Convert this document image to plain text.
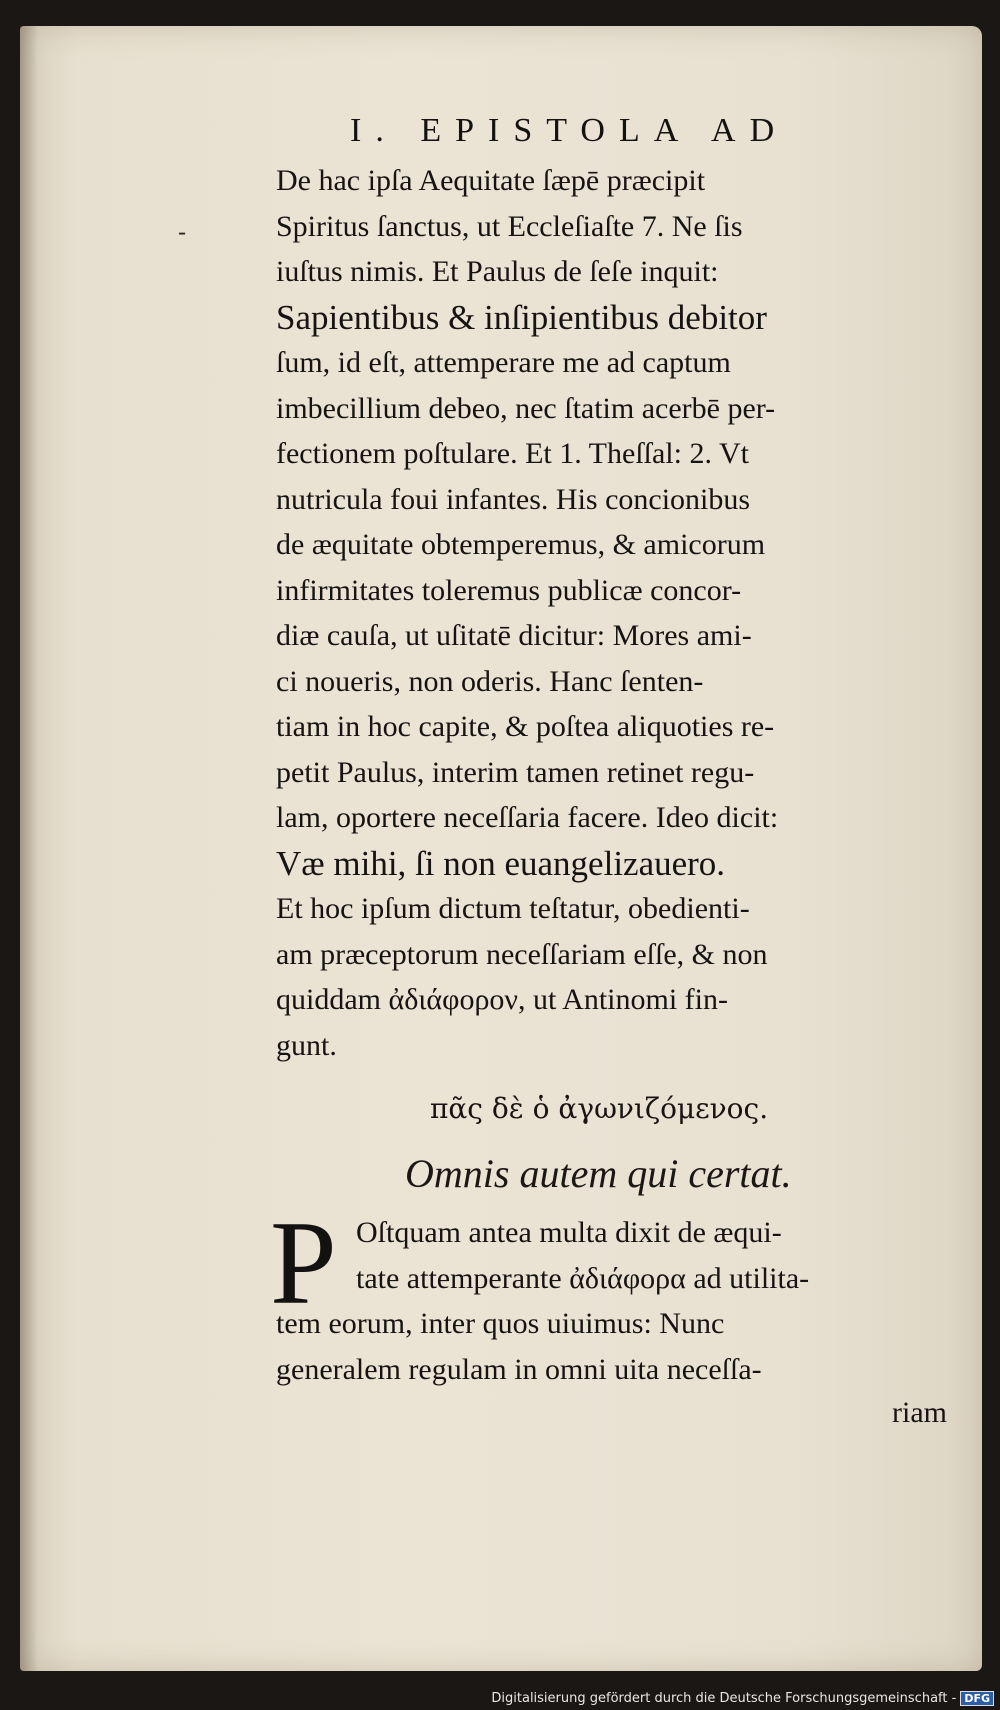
I. EPISTOLA AD
-
De hac ipſa Aequitate ſæpē præcipit
Spiritus ſanctus, ut Eccleſiaſte 7. Ne ſis
iuſtus nimis. Et Paulus de ſeſe inquit:
Sapientibus & inſipientibus debitor
ſum, id eſt, attemperare me ad captum
imbecillium debeo, nec ſtatim acerbē per-
fectionem poſtulare. Et 1. Theſſal: 2. Vt
nutricula foui infantes. His concionibus
de æquitate obtemperemus, & amicorum
infirmitates toleremus publicæ concor-
diæ cauſa, ut uſitatē dicitur: Mores ami-
ci noueris, non oderis. Hanc ſenten-
tiam in hoc capite, & poſtea aliquoties re-
petit Paulus, interim tamen retinet regu-
lam, oportere neceſſaria facere. Ideo dicit:
Væ mihi, ſi non euangelizauero.
Et hoc ipſum dictum teſtatur, obedienti-
am præceptorum neceſſariam eſſe, & non
quiddam ἀδιάφορον, ut Antinomi fin-
gunt.
πᾶς δὲ ὁ ἀγωνιζόμενος.
Omnis autem qui certat.
P Oſtquam antea multa dixit de æqui-
tate attemperante ἀδιάφορα ad utilita-
tem eorum, inter quos uiuimus: Nunc
generalem regulam in omni uita neceſſa-
riam
Digitalisierung gefördert durch die Deutsche Forschungsgemeinschaft - DFG
